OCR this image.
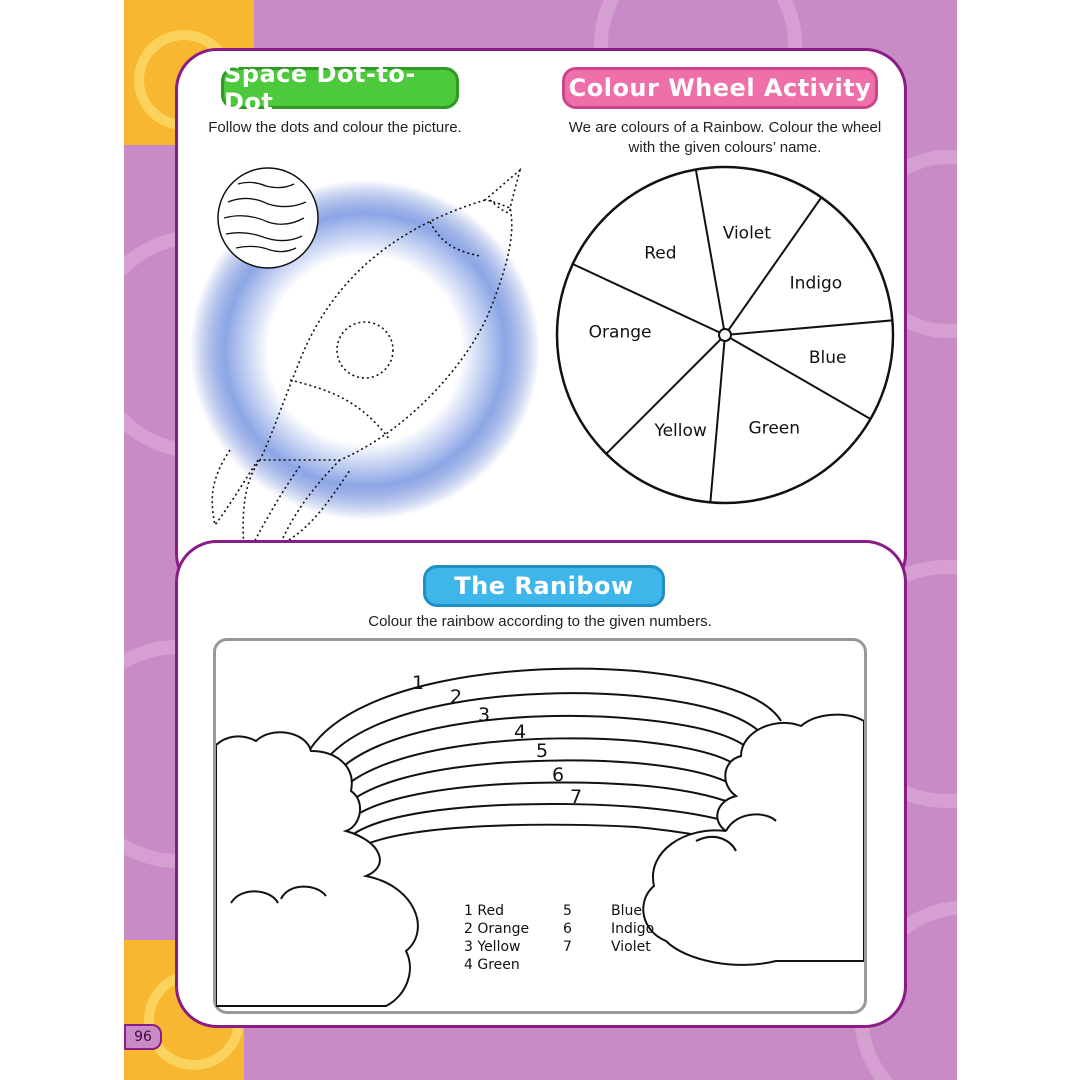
Space Dot-to-Dot
Follow the dots and colour the picture.
Colour Wheel Activity
We are colours of a Rainbow. Colour the wheel
with the given colours’ name.
Red
Violet
Indigo
Blue
Green
Yellow
Orange
The Ranibow
Colour the rainbow according to the given numbers.
1
2
3
4
5
6
7
1 Red
2 Orange
3 Yellow
4 Green
5	Blue
6	Indigo
7	Violet
96
